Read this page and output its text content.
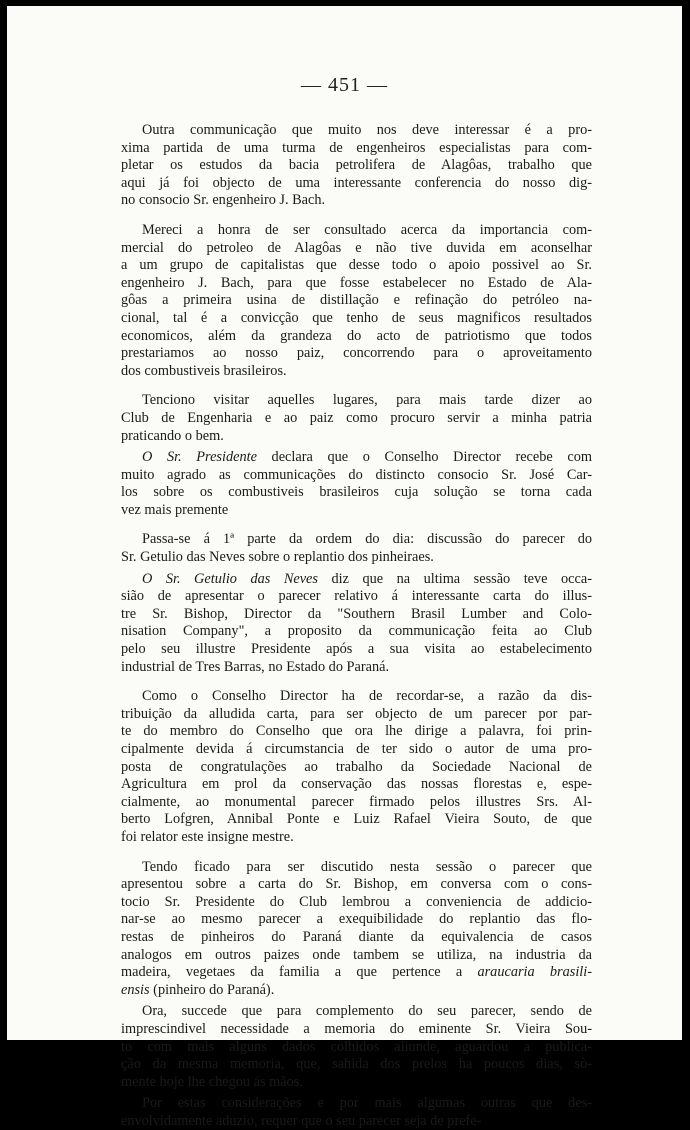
— 451 —

Outra communicação que muito nos deve interessar é a pro-
xima partida de uma turma de engenheiros especialistas para com-
pletar os estudos da bacia petrolifera de Alagôas, trabalho que
aqui já foi objecto de uma interessante conferencia do nosso dig-
no consocio Sr. engenheiro J. Bach.

Mereci a honra de ser consultado acerca da importancia com-
mercial do petroleo de Alagôas e não tive duvida em aconselhar
a um grupo de capitalistas que desse todo o apoio possivel ao Sr.
engenheiro J. Bach, para que fosse estabelecer no Estado de Ala-
gôas a primeira usina de distillação e refinação do petróleo na-
cional, tal é a convicção que tenho de seus magnificos resultados
economicos, além da grandeza do acto de patriotismo que todos
prestariamos ao nosso paiz, concorrendo para o aproveitamento
dos combustiveis brasileiros.

Tenciono visitar aquelles lugares, para mais tarde dizer ao
Club de Engenharia e ao paiz como procuro servir a minha patria
praticando o bem.

O Sr. Presidente declara que o Conselho Director recebe com
muito agrado as communicações do distincto consocio Sr. José Car-
los sobre os combustiveis brasileiros cuja solução se torna cada
vez mais premente

Passa-se á 1ª parte da ordem do dia: discussão do parecer do
Sr. Getulio das Neves sobre o replantio dos pinheiraes.

O Sr. Getulio das Neves diz que na ultima sessão teve occa-
sião de apresentar o parecer relativo á interessante carta do illus-
tre Sr. Bishop, Director da "Southern Brasil Lumber and Colo-
nisation Company", a proposito da communicação feita ao Club
pelo seu illustre Presidente após a sua visita ao estabelecimento
industrial de Tres Barras, no Estado do Paraná.

Como o Conselho Director ha de recordar-se, a razão da dis-
tribuição da alludida carta, para ser objecto de um parecer por par-
te do membro do Conselho que ora lhe dirige a palavra, foi prin-
cipalmente devida á circumstancia de ter sido o autor de uma pro-
posta de congratulações ao trabalho da Sociedade Nacional de
Agricultura em prol da conservação das nossas florestas e, espe-
cialmente, ao monumental parecer firmado pelos illustres Srs. Al-
berto Lofgren, Annibal Ponte e Luiz Rafael Vieira Souto, de que
foi relator este insigne mestre.

Tendo ficado para ser discutido nesta sessão o parecer que
apresentou sobre a carta do Sr. Bishop, em conversa com o cons-
tocio Sr. Presidente do Club lembrou a conveniencia de addicio-
nar-se ao mesmo parecer a exequibilidade do replantio das flo-
restas de pinheiros do Paraná diante da equivalencia de casos
analogos em outros paizes onde tambem se utiliza, na industria da
madeira, vegetaes da familia a que pertence a araucaria brasili-
ensis (pinheiro do Paraná).

Ora, succede que para complemento do seu parecer, sendo de
imprescindivel necessidade a memoria do eminente Sr. Vieira Sou-
to com mais alguns dados colhidos aliunde, aguardou a publica-
ção da mesma memoria, que, sahida dos prelos ha poucos dias, sò-
mente hoje lhe chegou ás mãos.

Por estas considerações e por mais algumas outras que des-
envolvidamente aduzio, requer que o seu parecer seja de prefe-
